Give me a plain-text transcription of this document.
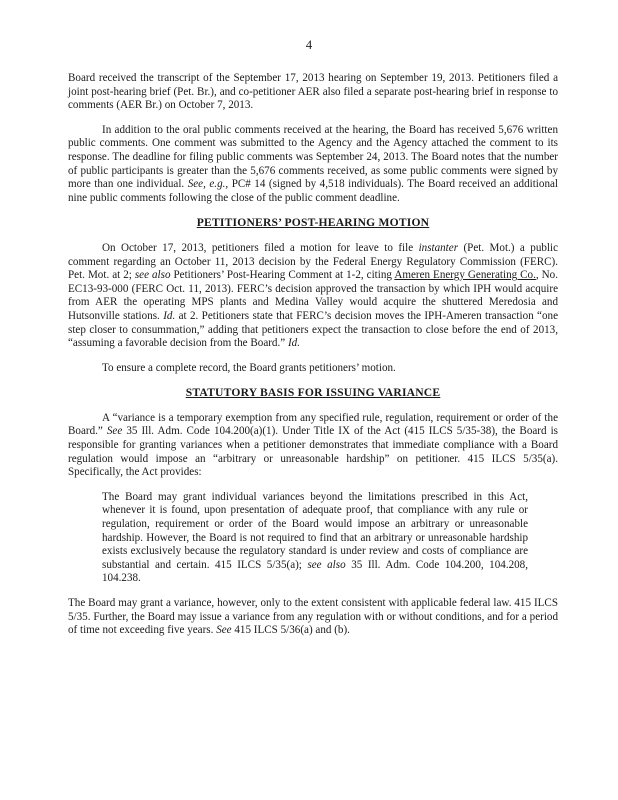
4

Board received the transcript of the September 17, 2013 hearing on September 19, 2013. Petitioners filed a joint post-hearing brief (Pet. Br.), and co-petitioner AER also filed a separate post-hearing brief in response to comments (AER Br.) on October 7, 2013.

In addition to the oral public comments received at the hearing, the Board has received 5,676 written public comments. One comment was submitted to the Agency and the Agency attached the comment to its response. The deadline for filing public comments was September 24, 2013. The Board notes that the number of public participants is greater than the 5,676 comments received, as some public comments were signed by more than one individual. See, e.g., PC# 14 (signed by 4,518 individuals). The Board received an additional nine public comments following the close of the public comment deadline.

PETITIONERS’ POST-HEARING MOTION

On October 17, 2013, petitioners filed a motion for leave to file instanter (Pet. Mot.) a public comment regarding an October 11, 2013 decision by the Federal Energy Regulatory Commission (FERC). Pet. Mot. at 2; see also Petitioners’ Post-Hearing Comment at 1-2, citing Ameren Energy Generating Co., No. EC13-93-000 (FERC Oct. 11, 2013). FERC’s decision approved the transaction by which IPH would acquire from AER the operating MPS plants and Medina Valley would acquire the shuttered Meredosia and Hutsonville stations. Id. at 2. Petitioners state that FERC’s decision moves the IPH-Ameren transaction “one step closer to consummation,” adding that petitioners expect the transaction to close before the end of 2013, “assuming a favorable decision from the Board.” Id.

To ensure a complete record, the Board grants petitioners’ motion.

STATUTORY BASIS FOR ISSUING VARIANCE

A “variance is a temporary exemption from any specified rule, regulation, requirement or order of the Board.” See 35 Ill. Adm. Code 104.200(a)(1). Under Title IX of the Act (415 ILCS 5/35-38), the Board is responsible for granting variances when a petitioner demonstrates that immediate compliance with a Board regulation would impose an “arbitrary or unreasonable hardship” on petitioner. 415 ILCS 5/35(a). Specifically, the Act provides:

The Board may grant individual variances beyond the limitations prescribed in this Act, whenever it is found, upon presentation of adequate proof, that compliance with any rule or regulation, requirement or order of the Board would impose an arbitrary or unreasonable hardship. However, the Board is not required to find that an arbitrary or unreasonable hardship exists exclusively because the regulatory standard is under review and costs of compliance are substantial and certain. 415 ILCS 5/35(a); see also 35 Ill. Adm. Code 104.200, 104.208, 104.238.

The Board may grant a variance, however, only to the extent consistent with applicable federal law. 415 ILCS 5/35. Further, the Board may issue a variance from any regulation with or without conditions, and for a period of time not exceeding five years. See 415 ILCS 5/36(a) and (b).
